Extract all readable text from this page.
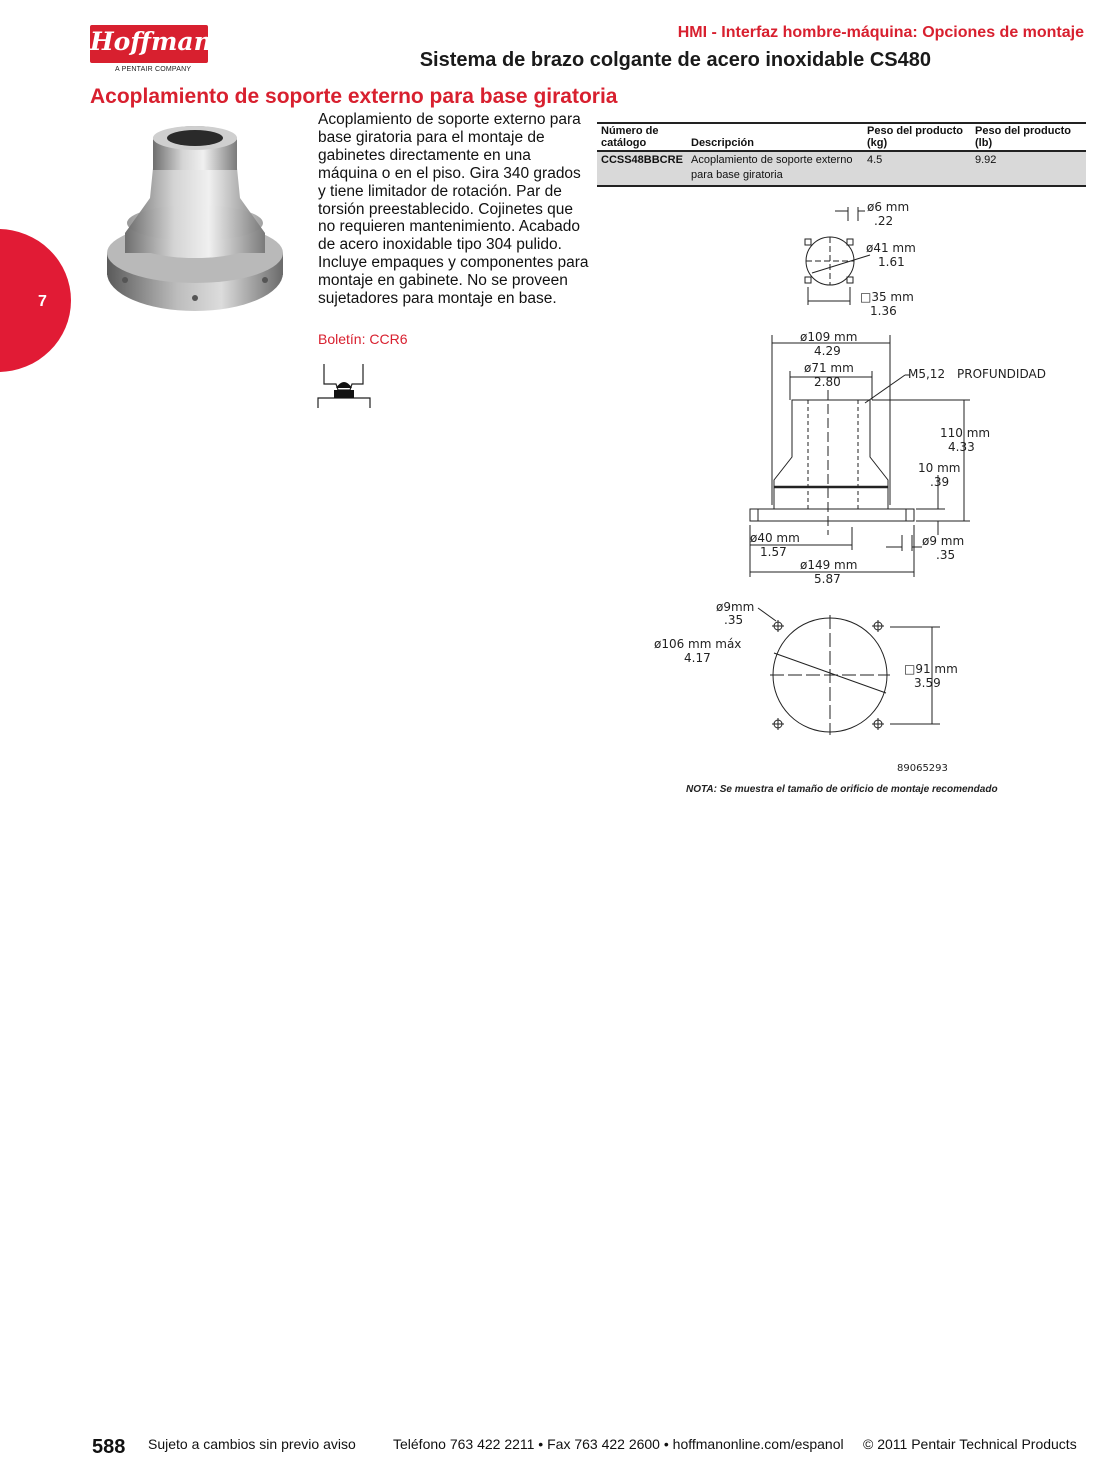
Hoffman
A PENTAIR COMPANY
HMI - Interfaz hombre-máquina: Opciones de montaje
Sistema de brazo colgante de acero inoxidable CS480
Acoplamiento de soporte externo para base giratoria
7
Acoplamiento de soporte externo para base giratoria para el montaje de gabinetes directamente en una máquina o en el piso. Gira 340 grados y tiene limitador de rotación. Par de torsión preestablecido. Cojinetes que no requieren mantenimiento. Acabado de acero inoxidable tipo 304 pulido. Incluye empaques y componentes para montaje en gabinete. No se proveen sujetadores para montaje en base.
Boletín: CCR6
Número de catálogo	Descripción	Peso del producto (kg)	Peso del producto (lb)
CCSS48BBCRE	Acoplamiento de soporte externo para base giratoria	4.5	9.92
ø6 mm
.22
ø41 mm
1.61
□35 mm
1.36
ø109 mm
4.29
ø71 mm
2.80
M5,12 PROFUNDIDAD
110 mm
4.33
10 mm
.39
ø40 mm
1.57
ø9 mm
.35
ø149 mm
5.87
ø9mm
.35
ø106 mm máx
4.17
□91 mm
3.59
89065293
NOTA: Se muestra el tamaño de orificio de montaje recomendado
588 Sujeto a cambios sin previo aviso	Teléfono 763 422 2211 • Fax 763 422 2600 • hoffmanonline.com/espanol © 2011 Pentair Technical Products
